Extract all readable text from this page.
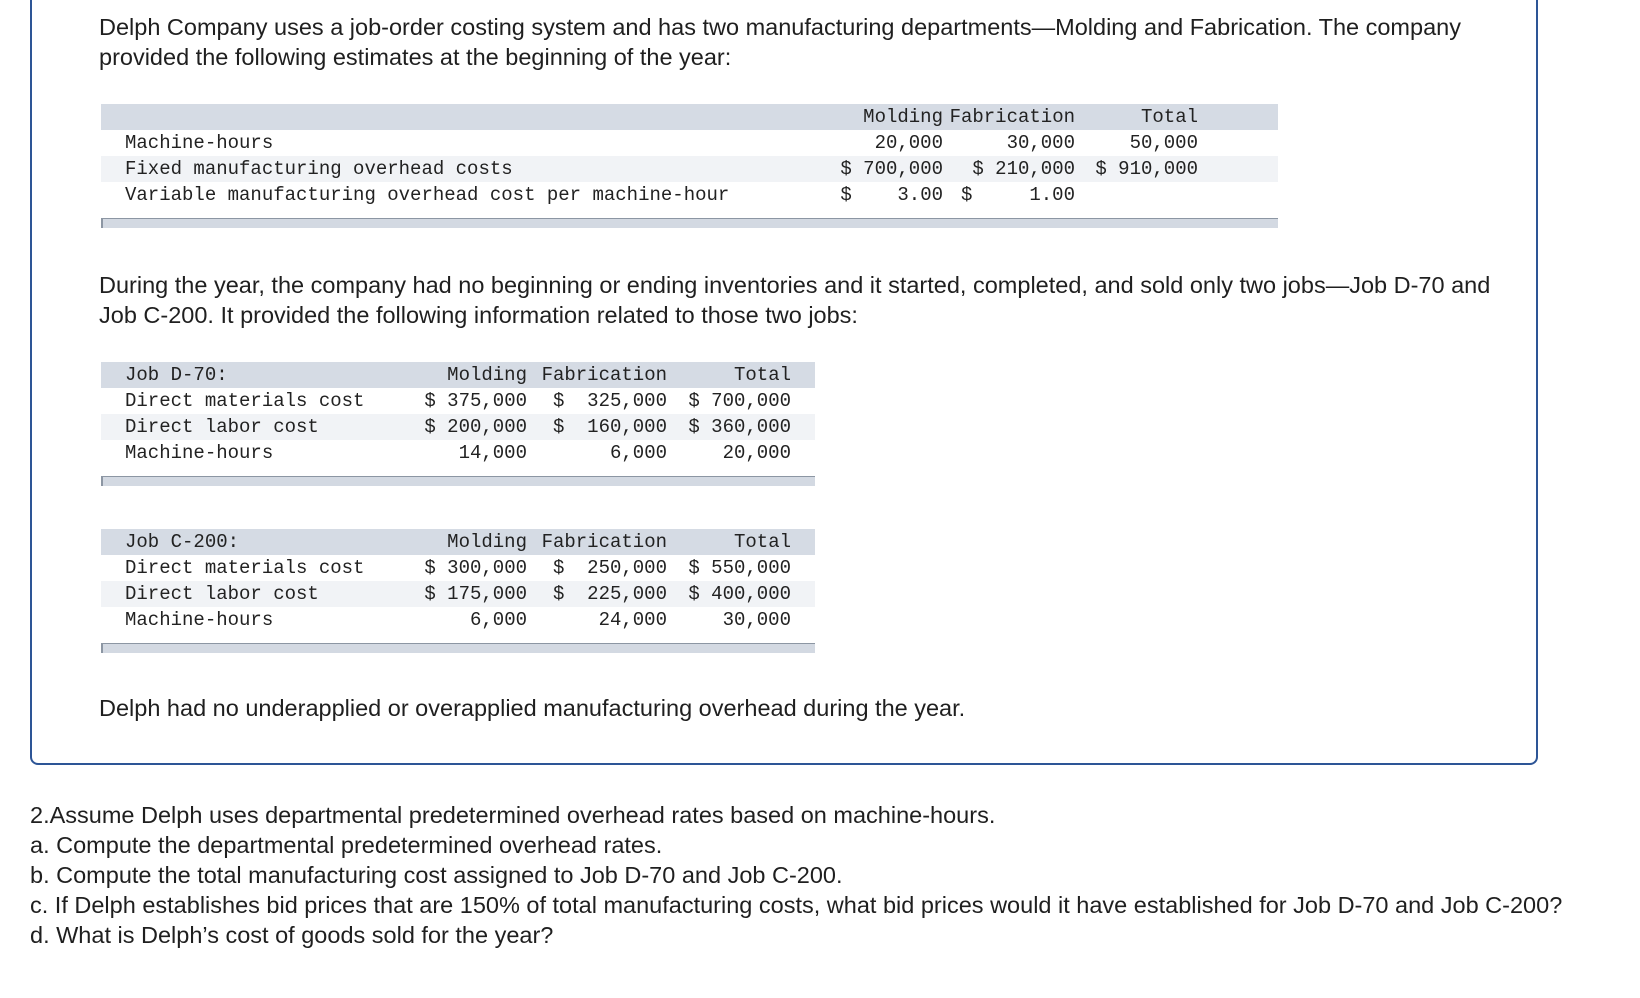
Delph Company uses a job-order costing system and has two manufacturing departments—Molding and Fabrication. The company provided the following estimates at the beginning of the year:

	Molding	Fabrication	Total	
Machine-hours	20,000	30,000	50,000	
Fixed manufacturing overhead costs	$ 700,000	$ 210,000	$ 910,000	
Variable manufacturing overhead cost per machine-hour	$    3.00	$     1.00		

During the year, the company had no beginning or ending inventories and it started, completed, and sold only two jobs—Job D-70 and Job C-200. It provided the following information related to those two jobs:

Job D-70:	Molding	Fabrication	Total	
Direct materials cost	$ 375,000	$  325,000	$ 700,000	
Direct labor cost	$ 200,000	$  160,000	$ 360,000	
Machine-hours	14,000	6,000	20,000	
Job C-200:	Molding	Fabrication	Total	
Direct materials cost	$ 300,000	$  250,000	$ 550,000	
Direct labor cost	$ 175,000	$  225,000	$ 400,000	
Machine-hours	6,000	24,000	30,000	

Delph had no underapplied or overapplied manufacturing overhead during the year.

2.Assume Delph uses departmental predetermined overhead rates based on machine-hours.
a. Compute the departmental predetermined overhead rates.
b. Compute the total manufacturing cost assigned to Job D-70 and Job C-200.
c. If Delph establishes bid prices that are 150% of total manufacturing costs, what bid prices would it have established for Job D-70 and Job C-200?
d. What is Delph’s cost of goods sold for the year?
